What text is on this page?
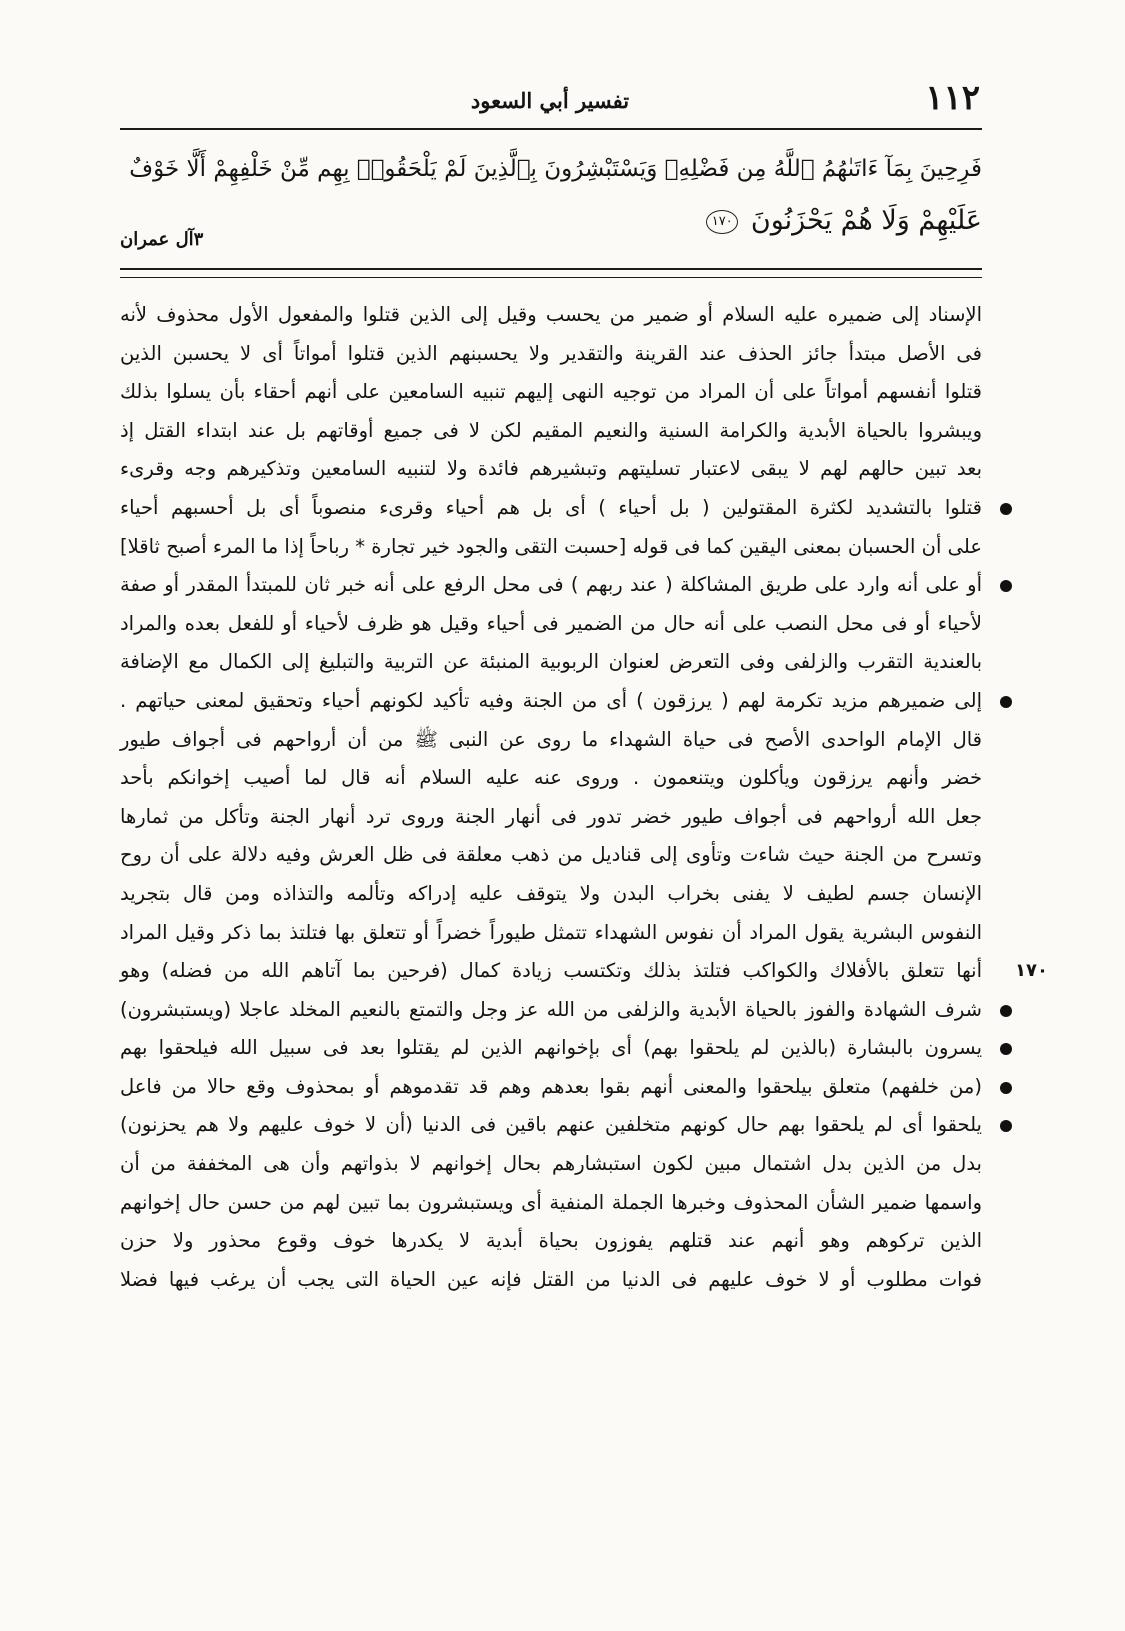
١١٢
تفسير أبي السعود
فَرِحِينَ بِمَآ ءَاتَىٰهُمُ ٱللَّهُ مِن فَضْلِهِۦ وَيَسْتَبْشِرُونَ بِٱلَّذِينَ لَمْ يَلْحَقُوا۟ بِهِم مِّنْ خَلْفِهِمْ أَلَّا خَوْفٌ
عَلَيْهِمْ وَلَا هُمْ يَحْزَنُونَ ١٧٠
٣آل عمران
الإسناد إلى ضميره عليه السلام أو ضمير من يحسب وقيل إلى الذين قتلوا والمفعول الأول محذوف لأنه
فى الأصل مبتدأ جائز الحذف عند القرينة والتقدير ولا يحسبنهم الذين قتلوا أمواتاً أى لا يحسبن الذين
قتلوا أنفسهم أمواتاً على أن المراد من توجيه النهى إليهم تنبيه السامعين على أنهم أحقاء بأن يسلوا بذلك
ويبشروا بالحياة الأبدية والكرامة السنية والنعيم المقيم لكن لا فى جميع أوقاتهم بل عند ابتداء القتل إذ
بعد تبين حالهم لهم لا يبقى لاعتبار تسليتهم وتبشيرهم فائدة ولا لتنبيه السامعين وتذكيرهم وجه وقرىء
قتلوا بالتشديد لكثرة المقتولين ( بل أحياء ) أى بل هم أحياء وقرىء منصوباً أى بل أحسبهم أحياء
على أن الحسبان بمعنى اليقين كما فى قوله [حسبت التقى والجود خير تجارة * رباحاً إذا ما المرء أصبح ثاقلا]
أو على أنه وارد على طريق المشاكلة ( عند ربهم ) فى محل الرفع على أنه خبر ثان للمبتدأ المقدر أو صفة
لأحياء أو فى محل النصب على أنه حال من الضمير فى أحياء وقيل هو ظرف لأحياء أو للفعل بعده والمراد
بالعندية التقرب والزلفى وفى التعرض لعنوان الربوبية المنبئة عن التربية والتبليغ إلى الكمال مع الإضافة
إلى ضميرهم مزيد تكرمة لهم ( يرزقون ) أى من الجنة وفيه تأكيد لكونهم أحياء وتحقيق لمعنى حياتهم .
قال الإمام الواحدى الأصح فى حياة الشهداء ما روى عن النبى ﷺ من أن أرواحهم فى أجواف طيور
خضر وأنهم يرزقون ويأكلون ويتنعمون . وروى عنه عليه السلام أنه قال لما أصيب إخوانكم بأحد
جعل الله أرواحهم فى أجواف طيور خضر تدور فى أنهار الجنة وروى ترد أنهار الجنة وتأكل من ثمارها
وتسرح من الجنة حيث شاءت وتأوى إلى قناديل من ذهب معلقة فى ظل العرش وفيه دلالة على أن روح
الإنسان جسم لطيف لا يفنى بخراب البدن ولا يتوقف عليه إدراكه وتألمه والتذاذه ومن قال بتجريد
النفوس البشرية يقول المراد أن نفوس الشهداء تتمثل طيوراً خضراً أو تتعلق بها فتلتذ بما ذكر وقيل المراد
أنها تتعلق بالأفلاك والكواكب فتلتذ بذلك وتكتسب زيادة كمال (فرحين بما آتاهم الله من فضله) وهو ١٧٠
شرف الشهادة والفوز بالحياة الأبدية والزلفى من الله عز وجل والتمتع بالنعيم المخلد عاجلا (ويستبشرون)
يسرون بالبشارة (بالذين لم يلحقوا بهم) أى بإخوانهم الذين لم يقتلوا بعد فى سبيل الله فيلحقوا بهم
(من خلفهم) متعلق بيلحقوا والمعنى أنهم بقوا بعدهم وهم قد تقدموهم أو بمحذوف وقع حالا من فاعل
يلحقوا أى لم يلحقوا بهم حال كونهم متخلفين عنهم باقين فى الدنيا (أن لا خوف عليهم ولا هم يحزنون)
بدل من الذين بدل اشتمال مبين لكون استبشارهم بحال إخوانهم لا بذواتهم وأن هى المخففة من أن
واسمها ضمير الشأن المحذوف وخبرها الجملة المنفية أى ويستبشرون بما تبين لهم من حسن حال إخوانهم
الذين تركوهم وهو أنهم عند قتلهم يفوزون بحياة أبدية لا يكدرها خوف وقوع محذور ولا حزن
فوات مطلوب أو لا خوف عليهم فى الدنيا من القتل فإنه عين الحياة التى يجب أن يرغب فيها فضلا
